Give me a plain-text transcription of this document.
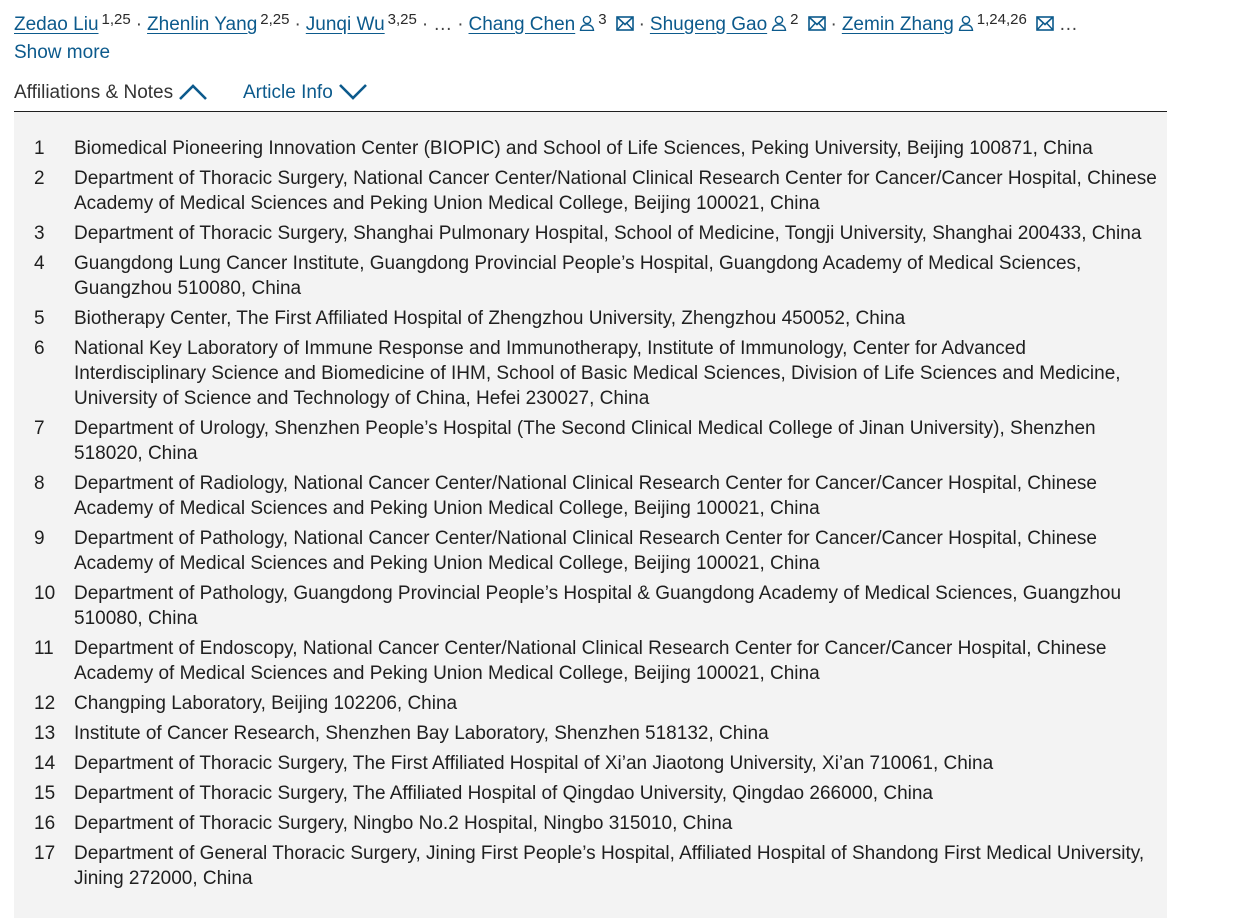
Zedao Liu $^{1,25}$ · Zhenlin Yang $^{2,25}$ · Junqi Wu $^{3,25}$ · … · Chang Chen $^3$ · Shugeng Gao $^2$ · Zemin Zhang $^{1,24,26}$ …
Show more
Affiliations & Notes	Article Info
1	Biomedical Pioneering Innovation Center (BIOPIC) and School of Life Sciences, Peking University, Beijing 100871, China
2	Department of Thoracic Surgery, National Cancer Center/National Clinical Research Center for Cancer/Cancer Hospital, Chinese Academy of Medical Sciences and Peking Union Medical College, Beijing 100021, China
3	Department of Thoracic Surgery, Shanghai Pulmonary Hospital, School of Medicine, Tongji University, Shanghai 200433, China
4	Guangdong Lung Cancer Institute, Guangdong Provincial People’s Hospital, Guangdong Academy of Medical Sciences, Guangzhou 510080, China
5	Biotherapy Center, The First Affiliated Hospital of Zhengzhou University, Zhengzhou 450052, China
6	National Key Laboratory of Immune Response and Immunotherapy, Institute of Immunology, Center for Advanced Interdisciplinary Science and Biomedicine of IHM, School of Basic Medical Sciences, Division of Life Sciences and Medicine, University of Science and Technology of China, Hefei 230027, China
7	Department of Urology, Shenzhen People’s Hospital (The Second Clinical Medical College of Jinan University), Shenzhen 518020, China
8	Department of Radiology, National Cancer Center/National Clinical Research Center for Cancer/Cancer Hospital, Chinese Academy of Medical Sciences and Peking Union Medical College, Beijing 100021, China
9	Department of Pathology, National Cancer Center/National Clinical Research Center for Cancer/Cancer Hospital, Chinese Academy of Medical Sciences and Peking Union Medical College, Beijing 100021, China
10 Department of Pathology, Guangdong Provincial People’s Hospital & Guangdong Academy of Medical Sciences, Guangzhou 510080, China
11	Department of Endoscopy, National Cancer Center/National Clinical Research Center for Cancer/Cancer Hospital, Chinese Academy of Medical Sciences and Peking Union Medical College, Beijing 100021, China
12 Changping Laboratory, Beijing 102206, China
13 Institute of Cancer Research, Shenzhen Bay Laboratory, Shenzhen 518132, China
14 Department of Thoracic Surgery, The First Affiliated Hospital of Xi’an Jiaotong University, Xi’an 710061, China
15 Department of Thoracic Surgery, The Affiliated Hospital of Qingdao University, Qingdao 266000, China
16 Department of Thoracic Surgery, Ningbo No.2 Hospital, Ningbo 315010, China
17 Department of General Thoracic Surgery, Jining First People’s Hospital, Affiliated Hospital of Shandong First Medical University, Jining 272000, China
